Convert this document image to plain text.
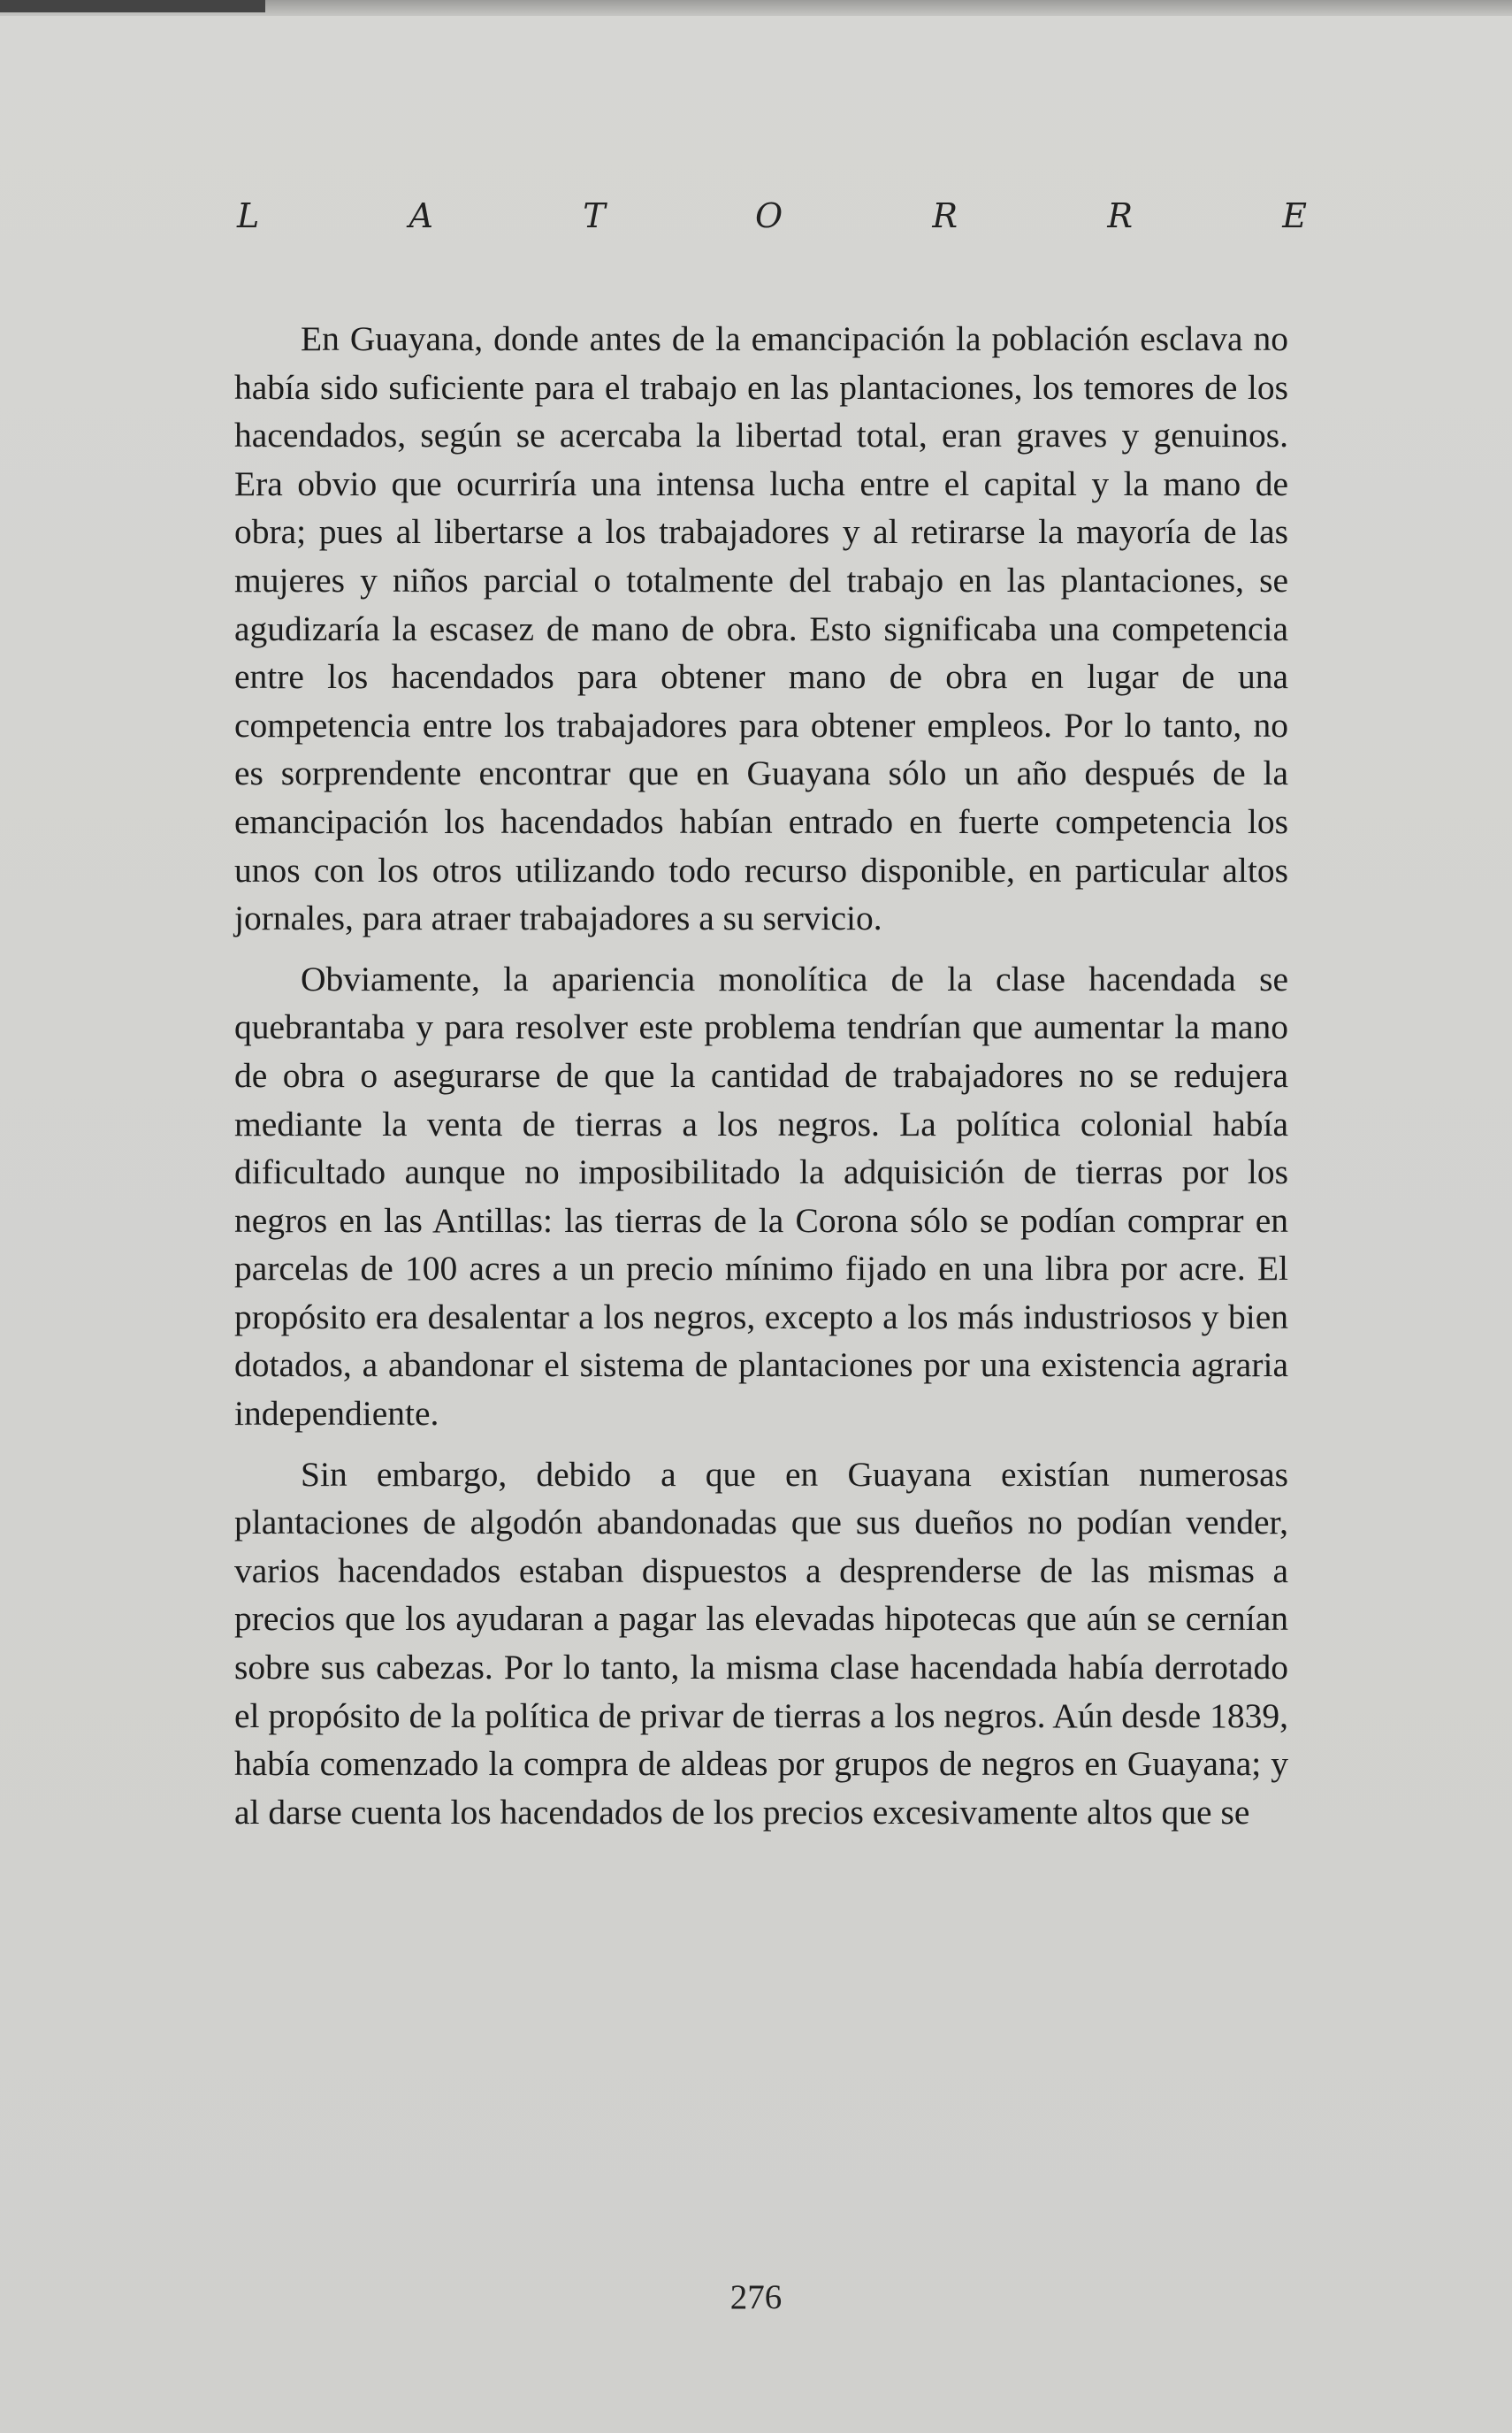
L	A	T	O	R	R	E

En Guayana, donde antes de la emancipación la población esclava no había sido suficiente para el trabajo en las plantaciones, los temores de los hacendados, según se acercaba la libertad total, eran graves y genuinos. Era obvio que ocurriría una intensa lucha entre el capital y la mano de obra; pues al libertarse a los trabajadores y al retirarse la mayoría de las mujeres y niños parcial o totalmente del trabajo en las plantaciones, se agudizaría la escasez de mano de obra. Esto significaba una competencia entre los hacendados para obtener mano de obra en lugar de una competencia entre los trabajadores para obtener empleos. Por lo tanto, no es sorprendente encontrar que en Guayana sólo un año después de la emancipación los hacendados habían entrado en fuerte competencia los unos con los otros utilizando todo recurso disponible, en particular altos jornales, para atraer trabajadores a su servicio.

Obviamente, la apariencia monolítica de la clase hacendada se quebrantaba y para resolver este problema tendrían que aumentar la mano de obra o asegurarse de que la cantidad de trabajadores no se redujera mediante la venta de tierras a los negros. La política colonial había dificultado aunque no imposibilitado la adquisición de tierras por los negros en las Antillas: las tierras de la Corona sólo se podían comprar en parcelas de 100 acres a un precio mínimo fijado en una libra por acre. El propósito era desalentar a los negros, excepto a los más industriosos y bien dotados, a abandonar el sistema de plantaciones por una existencia agraria independiente.

Sin embargo, debido a que en Guayana existían numerosas plantaciones de algodón abandonadas que sus dueños no podían vender, varios hacendados estaban dispuestos a desprenderse de las mismas a precios que los ayudaran a pagar las elevadas hipotecas que aún se cernían sobre sus cabezas. Por lo tanto, la misma clase hacendada había derrotado el propósito de la política de privar de tierras a los negros. Aún desde 1839, había comenzado la compra de aldeas por grupos de negros en Guayana; y al darse cuenta los hacendados de los precios excesivamente altos que se

276
